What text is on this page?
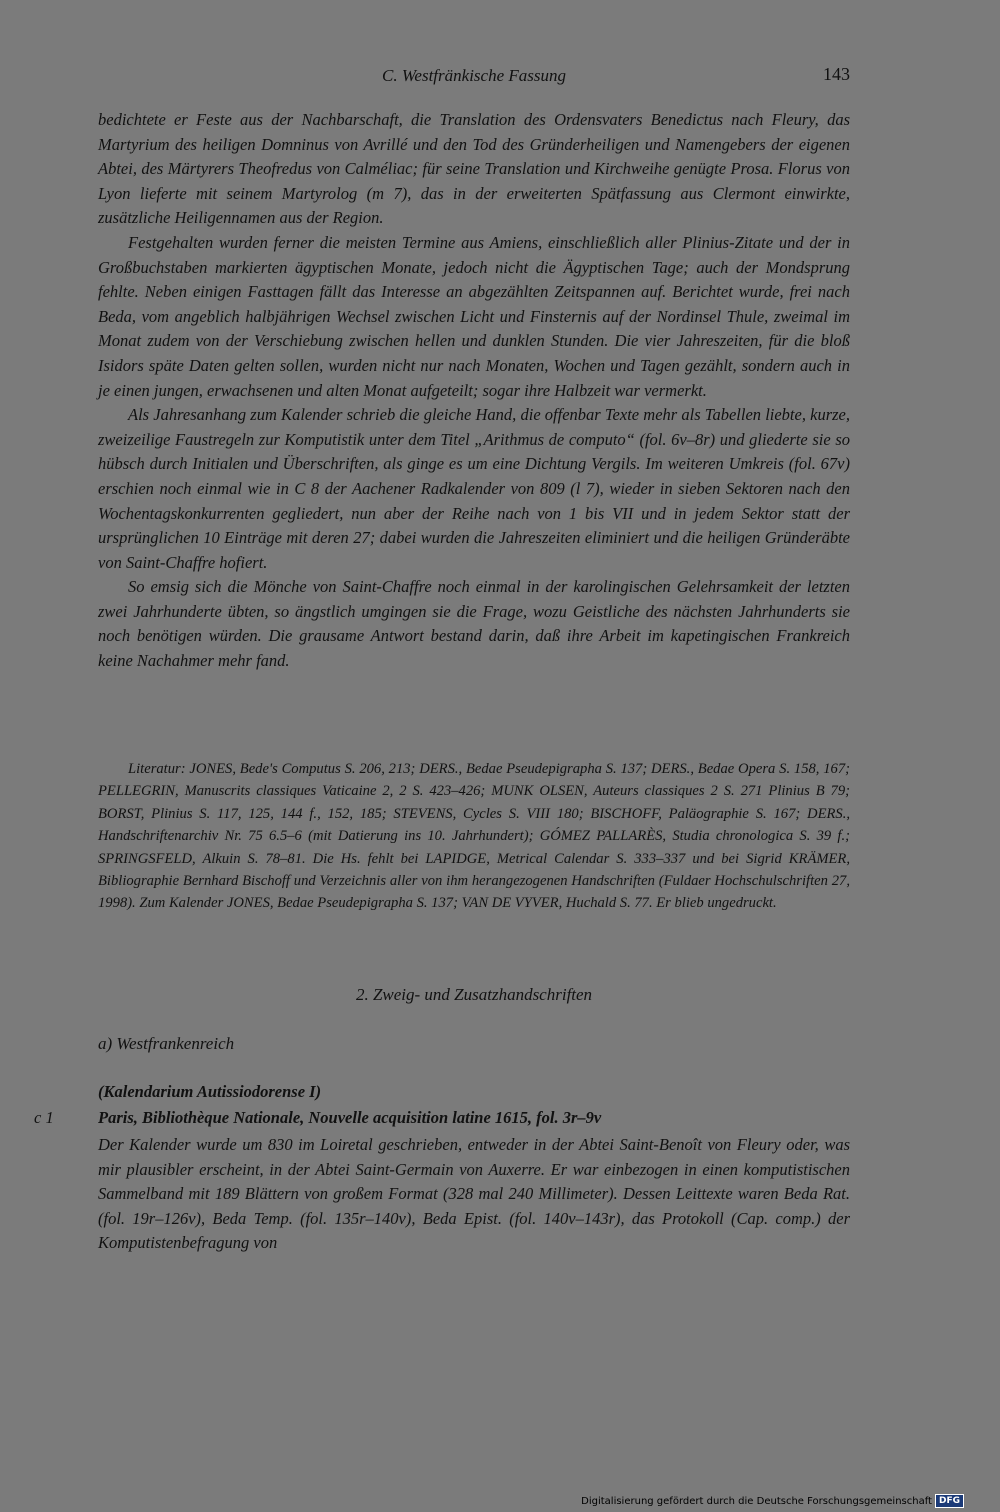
C. Westfränkische Fassung	143

bedichtete er Feste aus der Nachbarschaft, die Translation des Ordensvaters Benedictus nach Fleury, das Martyrium des heiligen Domninus von Avrillé und den Tod des Gründerheiligen und Namengebers der eigenen Abtei, des Märtyrers Theofredus von Calméliac; für seine Translation und Kirchweihe genügte Prosa. Florus von Lyon lieferte mit seinem Martyrolog (m 7), das in der erweiterten Spätfassung aus Clermont einwirkte, zusätzliche Heiligennamen aus der Region.

Festgehalten wurden ferner die meisten Termine aus Amiens, einschließlich aller Plinius-Zitate und der in Großbuchstaben markierten ägyptischen Monate, jedoch nicht die Ägyptischen Tage; auch der Mondsprung fehlte. Neben einigen Fasttagen fällt das Interesse an abgezählten Zeitspannen auf. Berichtet wurde, frei nach Beda, vom angeblich halbjährigen Wechsel zwischen Licht und Finsternis auf der Nordinsel Thule, zweimal im Monat zudem von der Verschiebung zwischen hellen und dunklen Stunden. Die vier Jahreszeiten, für die bloß Isidors späte Daten gelten sollen, wurden nicht nur nach Monaten, Wochen und Tagen gezählt, sondern auch in je einen jungen, erwachsenen und alten Monat aufgeteilt; sogar ihre Halbzeit war vermerkt.

Als Jahresanhang zum Kalender schrieb die gleiche Hand, die offenbar Texte mehr als Tabellen liebte, kurze, zweizeilige Faustregeln zur Komputistik unter dem Titel „Arithmus de computo“ (fol. 6v–8r) und gliederte sie so hübsch durch Initialen und Überschriften, als ginge es um eine Dichtung Vergils. Im weiteren Umkreis (fol. 67v) erschien noch einmal wie in C 8 der Aachener Radkalender von 809 (l 7), wieder in sieben Sektoren nach den Wochentagskonkurrenten gegliedert, nun aber der Reihe nach von 1 bis VII und in jedem Sektor statt der ursprünglichen 10 Einträge mit deren 27; dabei wurden die Jahreszeiten eliminiert und die heiligen Gründeräbte von Saint-Chaffre hofiert.

So emsig sich die Mönche von Saint-Chaffre noch einmal in der karolingischen Gelehrsamkeit der letzten zwei Jahrhunderte übten, so ängstlich umgingen sie die Frage, wozu Geistliche des nächsten Jahrhunderts sie noch benötigen würden. Die grausame Antwort bestand darin, daß ihre Arbeit im kapetingischen Frankreich keine Nachahmer mehr fand.

Literatur: JONES, Bede's Computus S. 206, 213; DERS., Bedae Pseudepigrapha S. 137; DERS., Bedae Opera S. 158, 167; PELLEGRIN, Manuscrits classiques Vaticaine 2, 2 S. 423–426; MUNK OLSEN, Auteurs classiques 2 S. 271 Plinius B 79; BORST, Plinius S. 117, 125, 144 f., 152, 185; STEVENS, Cycles S. VIII 180; BISCHOFF, Paläographie S. 167; DERS., Handschriftenarchiv Nr. 75 6.5–6 (mit Datierung ins 10. Jahrhundert); GÓMEZ PALLARÈS, Studia chronologica S. 39 f.; SPRINGSFELD, Alkuin S. 78–81. Die Hs. fehlt bei LAPIDGE, Metrical Calendar S. 333–337 und bei Sigrid KRÄMER, Bibliographie Bernhard Bischoff und Verzeichnis aller von ihm herangezogenen Handschriften (Fuldaer Hochschulschriften 27, 1998). Zum Kalender JONES, Bedae Pseudepigrapha S. 137; VAN DE VYVER, Huchald S. 77. Er blieb ungedruckt.
2. Zweig- und Zusatzhandschriften
a) Westfrankenreich
(Kalendarium Autissiodorense I)
c 1	Paris, Bibliothèque Nationale, Nouvelle acquisition latine 1615, fol. 3r–9v
Der Kalender wurde um 830 im Loiretal geschrieben, entweder in der Abtei Saint-Benoît von Fleury oder, was mir plausibler erscheint, in der Abtei Saint-Germain von Auxerre. Er war einbezogen in einen komputistischen Sammelband mit 189 Blättern von großem Format (328 mal 240 Millimeter). Dessen Leittexte waren Beda Rat. (fol. 19r–126v), Beda Temp. (fol. 135r–140v), Beda Epist. (fol. 140v–143r), das Protokoll (Cap. comp.) der Komputistenbefragung von
Digitalisierung gefördert durch die Deutsche Forschungsgemeinschaft DFG
